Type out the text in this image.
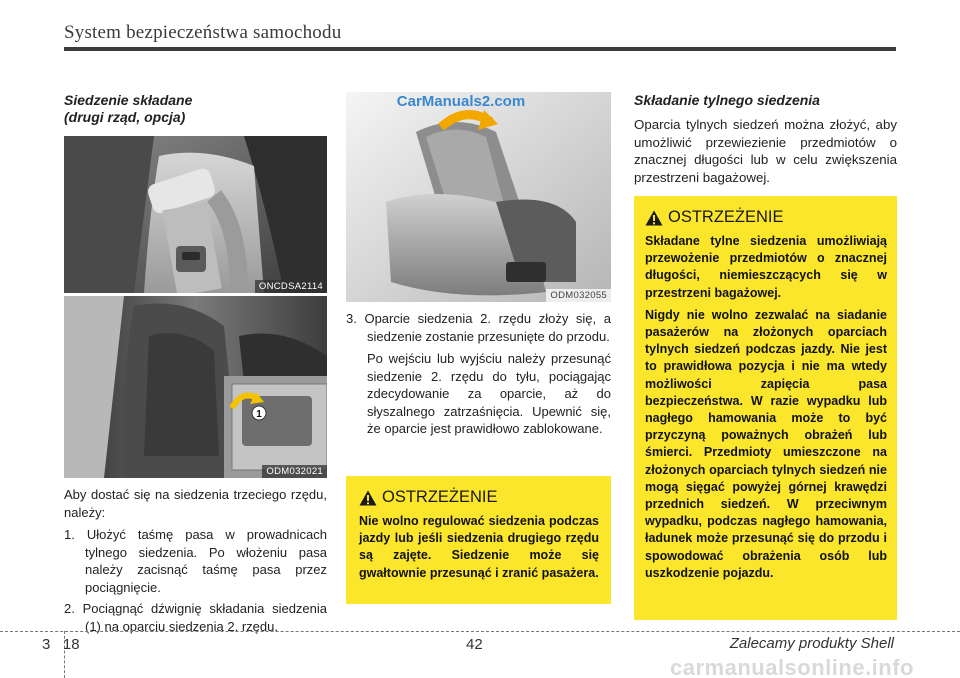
System bezpieczeństwa samochodu
Siedzenie składane
(drugi rząd, opcja)
ONCDSA2114
1
ODM032021
Aby dostać się na siedzenia trzeciego rzędu, należy:
1. Ułożyć taśmę pasa w prowadnicach tylnego siedzenia. Po włożeniu pasa należy zacisnąć taśmę pasa przez pociągnięcie.
2. Pociągnąć dźwignię składania siedzenia (1) na oparciu siedzenia 2. rzędu.
CarManuals2.com
ODM032055
3. Oparcie siedzenia 2. rzędu złoży się, a siedzenie zostanie przesunięte do przodu.
Po wejściu lub wyjściu należy przesunąć siedzenie 2. rzędu do tyłu, pociągając zdecydowanie za oparcie, aż do słyszalnego zatrzaśnięcia. Upewnić się, że oparcie jest prawidłowo zablokowane.
OSTRZEŻENIE
Nie wolno regulować siedzenia podczas jazdy lub jeśli siedzenia drugiego rzędu są zajęte. Siedzenie może się gwałtownie przesunąć i zranić pasażera.
Składanie tylnego siedzenia
Oparcia tylnych siedzeń można złożyć, aby umożliwić przewiezienie przedmiotów o znacznej długości lub w celu zwiększenia przestrzeni bagażowej.
OSTRZEŻENIE
Składane tylne siedzenia umożliwiają przewożenie przedmiotów o znacznej długości, niemieszczących się w przestrzeni bagażowej.
Nigdy nie wolno zezwalać na siadanie pasażerów na złożonych oparciach tylnych siedzeń podczas jazdy. Nie jest to prawidłowa pozycja i nie ma wtedy możliwości zapięcia pasa bezpieczeństwa. W razie wypadku lub nagłego hamowania może to być przyczyną poważnych obrażeń lub śmierci. Przedmioty umieszczone na złożonych oparciach tylnych siedzeń nie mogą sięgać powyżej górnej krawędzi przednich siedzeń. W przeciwnym wypadku, podczas nagłego hamowania, ładunek może przesunąć się do przodu i spowodować obrażenia osób lub uszkodzenie pojazdu.
3 18	42	Zalecamy produkty Shell
carmanualsonline.info
